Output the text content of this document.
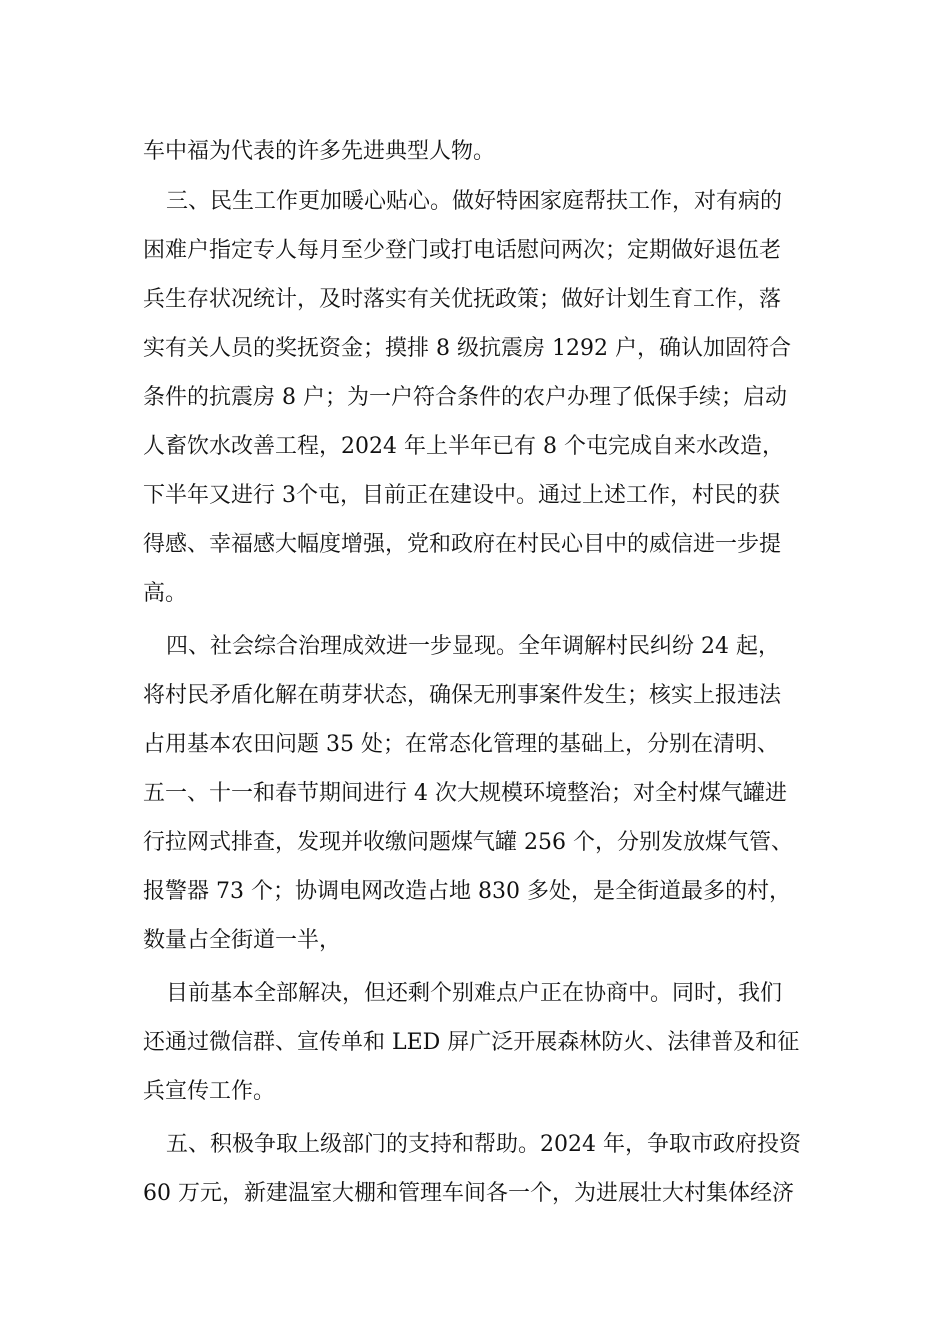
车中福为代表的许多先进典型人物。
三、民生工作更加暖心贴心。做好特困家庭帮扶工作，对有病的
困难户指定专人每月至少登门或打电话慰问两次；定期做好退伍老
兵生存状况统计，及时落实有关优抚政策；做好计划生育工作，落
实有关人员的奖抚资金；摸排 8 级抗震房 1292 户，确认加固符合
条件的抗震房 8 户；为一户符合条件的农户办理了低保手续；启动
人畜饮水改善工程，2024 年上半年已有 8 个屯完成自来水改造，
下半年又进行 3个屯，目前正在建设中。通过上述工作，村民的获
得感、幸福感大幅度增强，党和政府在村民心目中的威信进一步提
高。
四、社会综合治理成效进一步显现。全年调解村民纠纷 24 起，
将村民矛盾化解在萌芽状态，确保无刑事案件发生；核实上报违法
占用基本农田问题 35 处；在常态化管理的基础上，分别在清明、
五一、十一和春节期间进行 4 次大规模环境整治；对全村煤气罐进
行拉网式排查，发现并收缴问题煤气罐 256 个，分别发放煤气管、
报警器 73 个；协调电网改造占地 830 多处，是全街道最多的村，
数量占全街道一半，
目前基本全部解决，但还剩个别难点户正在协商中。同时，我们
还通过微信群、宣传单和 LED 屏广泛开展森林防火、法律普及和征
兵宣传工作。
五、积极争取上级部门的支持和帮助。2024 年，争取市政府投资
60 万元，新建温室大棚和管理车间各一个，为进展壮大村集体经济
